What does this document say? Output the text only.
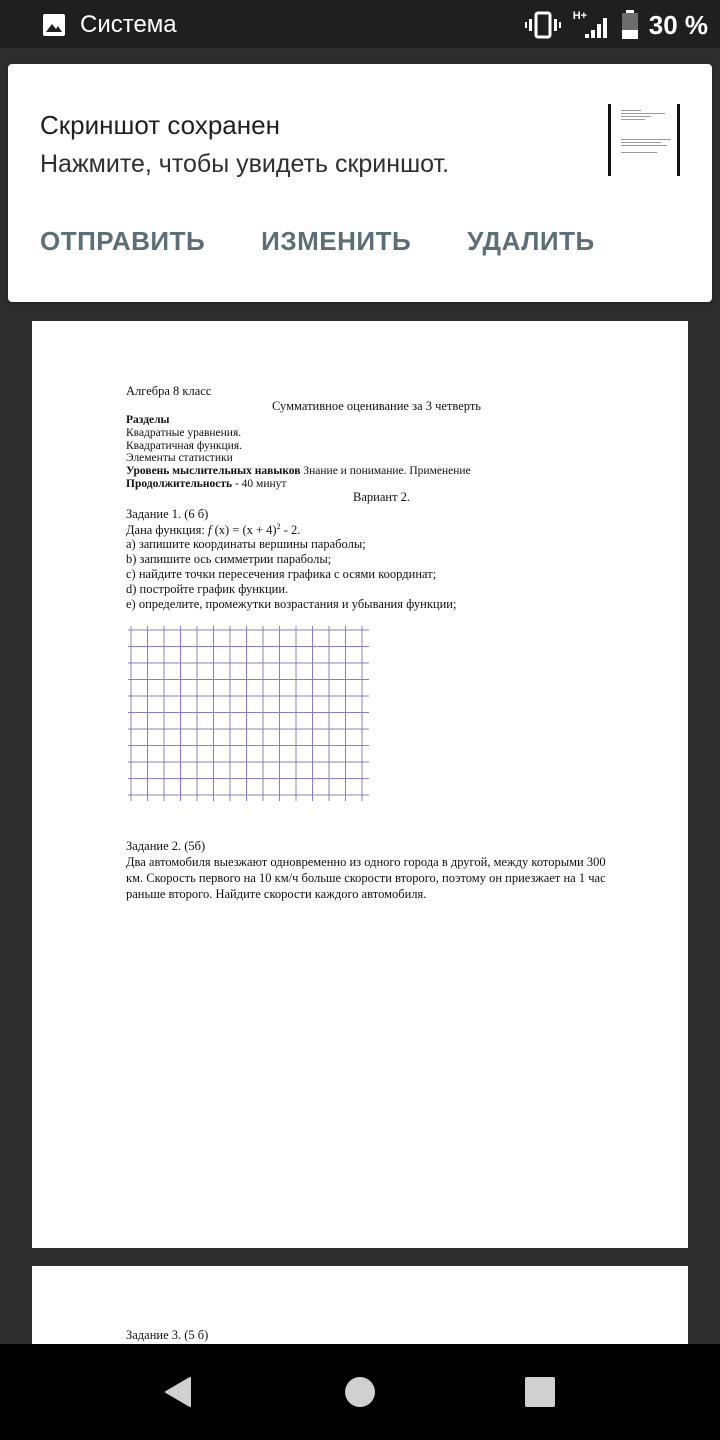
Система	H+ 30 %
Скриншот сохранен
Нажмите, чтобы увидеть скриншот.
ОТПРАВИТЬ ИЗМЕНИТЬ УДАЛИТЬ
Алгебра 8 класс
Суммативное оценивание за 3 четверть
Разделы
Квадратные уравнения.
Квадратичная функция.
Элементы статистики
Уровень мыслительных навыков Знание и понимание. Применение
Продолжительность - 40 минут
Вариант 2.
Задание 1. (6 б)
Дана функция: f $(x) = (x + 4)^2 - 2$.
a) запишите координаты вершины параболы;
b) запишите ось симметрии параболы;
c) найдите точки пересечения графика с осями координат;
d) постройте график функции.
e) определите, промежутки возрастания и убывания функции;
Задание 2. (5б)
Два автомобиля выезжают одновременно из одного города в другой, между которыми 300
км. Скорость первого на 10 км/ч больше скорости второго, поэтому он приезжает на 1 час
раньше второго. Найдите скорости каждого автомобиля.
Задание 3. (5 б)
